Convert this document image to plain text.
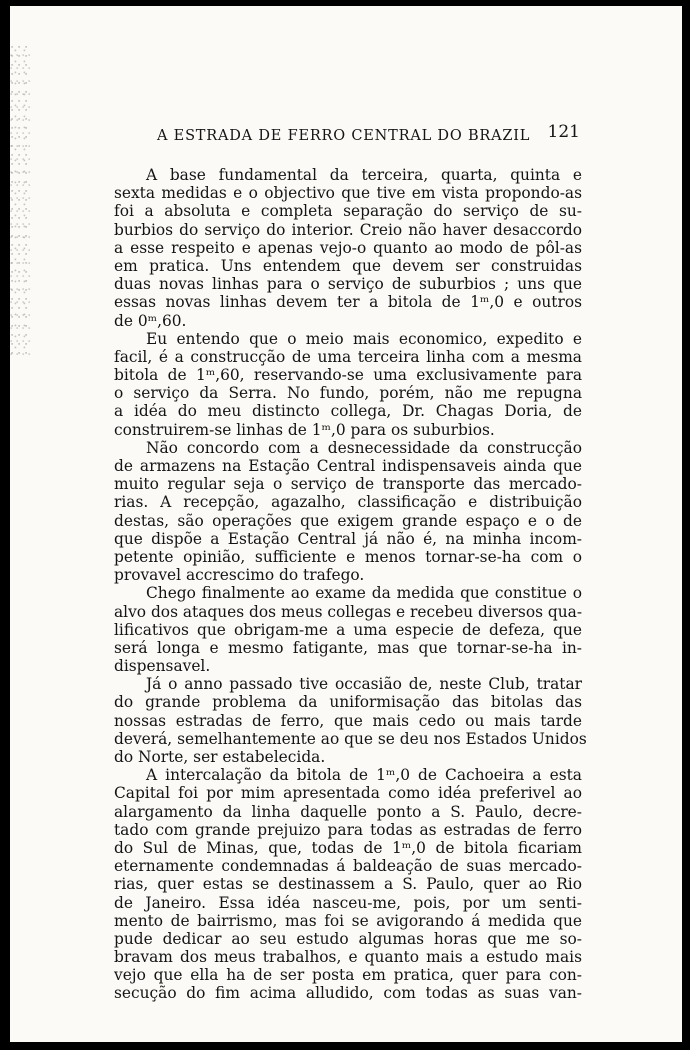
A ESTRADA DE FERRO CENTRAL DO BRAZIL 121
A base fundamental da terceira, quarta, quinta e
sexta medidas e o objectivo que tive em vista propondo-as
foi a absoluta e completa separação do serviço de su-
burbios do serviço do interior. Creio não haver desaccordo
a esse respeito e apenas vejo-o quanto ao modo de pôl-as
em pratica. Uns entendem que devem ser construidas
duas novas linhas para o serviço de suburbios ; uns que
essas novas linhas devem ter a bitola de 1ᵐ,0 e outros
de 0ᵐ,60.
Eu entendo que o meio mais economico, expedito e
facil, é a construcção de uma terceira linha com a mesma
bitola de 1ᵐ,60, reservando-se uma exclusivamente para
o serviço da Serra. No fundo, porém, não me repugna
a idéa do meu distincto collega, Dr. Chagas Doria, de
construirem-se linhas de 1ᵐ,0 para os suburbios.
Não concordo com a desnecessidade da construcção
de armazens na Estação Central indispensaveis ainda que
muito regular seja o serviço de transporte das mercado-
rias. A recepção, agazalho, classificação e distribuição
destas, são operações que exigem grande espaço e o de
que dispõe a Estação Central já não é, na minha incom-
petente opinião, sufficiente e menos tornar-se-ha com o
provavel accrescimo do trafego.
Chego finalmente ao exame da medida que constitue o
alvo dos ataques dos meus collegas e recebeu diversos qua-
lificativos que obrigam-me a uma especie de defeza, que
será longa e mesmo fatigante, mas que tornar-se-ha in-
dispensavel.
Já o anno passado tive occasião de, neste Club, tratar
do grande problema da uniformisação das bitolas das
nossas estradas de ferro, que mais cedo ou mais tarde
deverá, semelhantemente ao que se deu nos Estados Unidos
do Norte, ser estabelecida.
A intercalação da bitola de 1ᵐ,0 de Cachoeira a esta
Capital foi por mim apresentada como idéa preferivel ao
alargamento da linha daquelle ponto a S. Paulo, decre-
tado com grande prejuizo para todas as estradas de ferro
do Sul de Minas, que, todas de 1ᵐ,0 de bitola ficariam
eternamente condemnadas á baldeação de suas mercado-
rias, quer estas se destinassem a S. Paulo, quer ao Rio
de Janeiro. Essa idéa nasceu-me, pois, por um senti-
mento de bairrismo, mas foi se avigorando á medida que
pude dedicar ao seu estudo algumas horas que me so-
bravam dos meus trabalhos, e quanto mais a estudo mais
vejo que ella ha de ser posta em pratica, quer para con-
secução do fim acima alludido, com todas as suas van-
